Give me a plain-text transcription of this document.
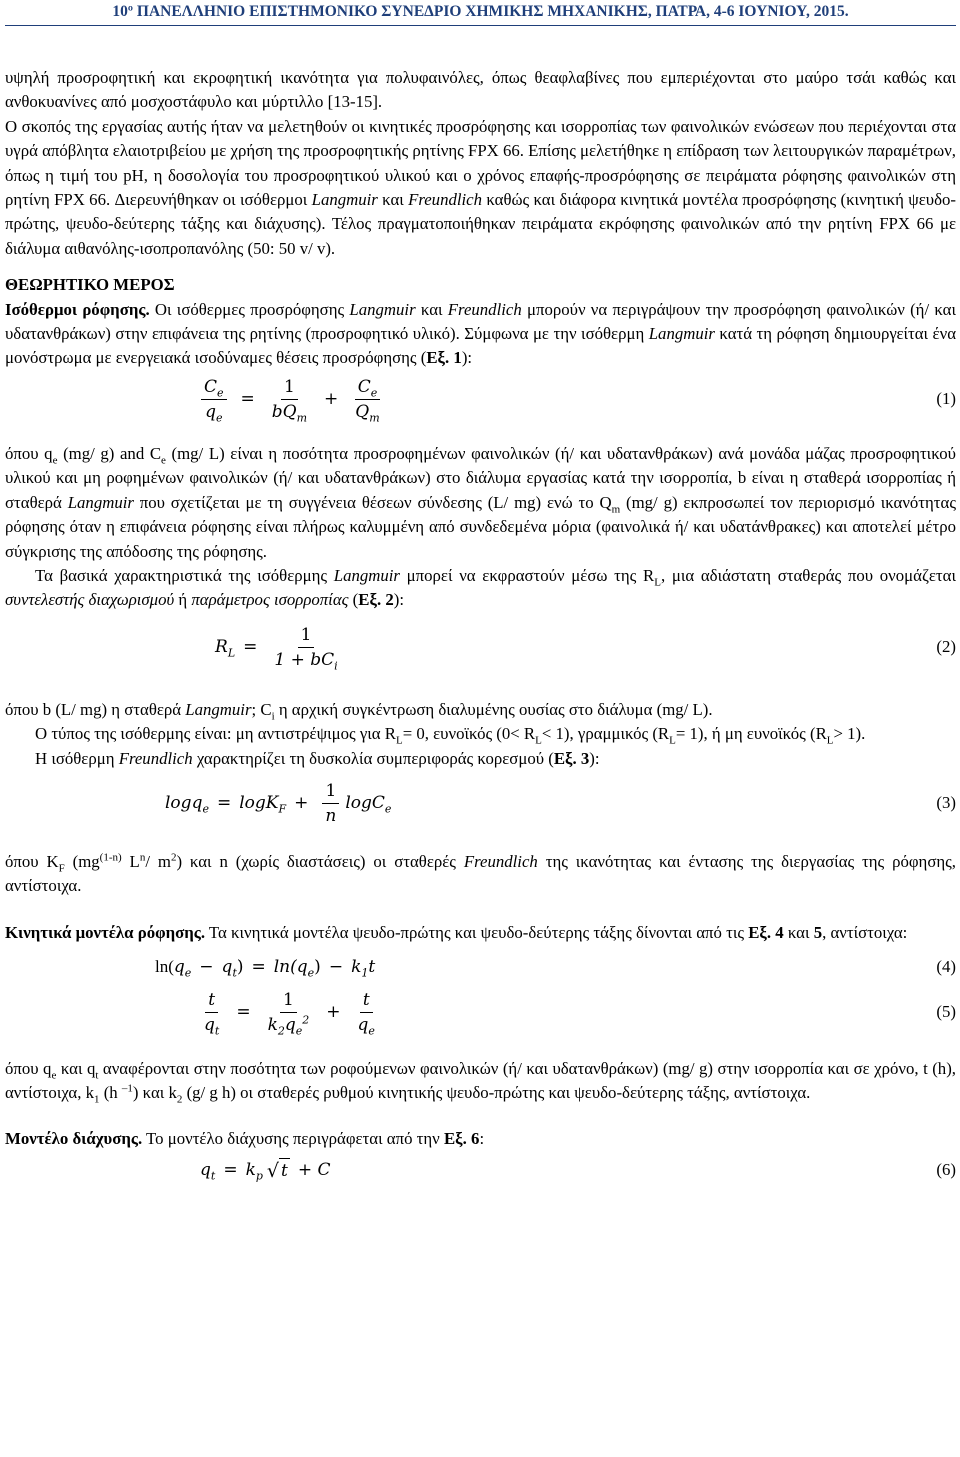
10º ΠΑΝΕΛΛΗΝΙΟ ΕΠΙΣΤΗΜΟΝΙΚΟ ΣΥΝΕΔΡΙΟ ΧΗΜΙΚΗΣ ΜΗΧΑΝΙΚΗΣ, ΠΑΤΡΑ, 4-6 ΙΟΥΝΙΟΥ, 2015.

υψηλή προσροφητική και εκροφητική ικανότητα για πολυφαινόλες, όπως θεαφλαβίνες που εμπεριέχονται στο μαύρο τσάι καθώς και ανθοκυανίνες από μοσχοστάφυλο και μύρτιλλο [13-15].

Ο σκοπός της εργασίας αυτής ήταν να μελετηθούν οι κινητικές προσρόφησης και ισορροπίας των φαινολικών ενώσεων που περιέχονται στα υγρά απόβλητα ελαιοτριβείου με χρήση της προσροφητικής ρητίνης FPX 66. Επίσης μελετήθηκε η επίδραση των λειτουργικών παραμέτρων, όπως η τιμή του pH, η δοσολογία του προσροφητικού υλικού και ο χρόνος επαφής-προσρόφησης σε πειράματα ρόφησης φαινολικών στη ρητίνη FPX 66. Διερευνήθηκαν οι ισόθερμοι Langmuir και Freundlich καθώς και διάφορα κινητικά μοντέλα προσρόφησης (κινητική ψευδο-πρώτης, ψευδο-δεύτερης τάξης και διάχυσης). Τέλος πραγματοποιήθηκαν πειράματα εκρόφησης φαινολικών από την ρητίνη FPX 66 με διάλυμα αιθανόλης-ισοπροπανόλης (50: 50 v/ v).

ΘΕΩΡΗΤΙΚΟ ΜΕΡΟΣ

Ισόθερμοι ρόφησης. Οι ισόθερμες προσρόφησης Langmuir και Freundlich μπορούν να περιγράψουν την προσρόφηση φαινολικών (ή/ και υδατανθράκων) στην επιφάνεια της ρητίνης (προσροφητικό υλικό). Σύμφωνα με την ισόθερμη Langmuir κατά τη ρόφηση δημιουργείται ένα μονόστρωμα με ενεργειακά ισοδύναμες θέσεις προσρόφησης (Εξ. 1):

$\frac{C_e}{q_e} = \frac{1}{bQ_m} + \frac{C_e}{Q_m}$	(1)

όπου $q_e$ (mg/ g) and $C_e$ (mg/ L) είναι η ποσότητα προσροφημένων φαινολικών (ή/ και υδατανθράκων) ανά μονάδα μάζας προσροφητικού υλικού και μη ροφημένων φαινολικών (ή/ και υδατανθράκων) στο διάλυμα εργασίας κατά την ισορροπία, b είναι η σταθερά ισορροπίας ή σταθερά Langmuir που σχετίζεται με τη συγγένεια θέσεων σύνδεσης (L/ mg) ενώ το $Q_m$ (mg/ g) εκπροσωπεί τον περιορισμό ικανότητας ρόφησης όταν η επιφάνεια ρόφησης είναι πλήρως καλυμμένη από συνδεδεμένα μόρια (φαινολικά ή/ και υδατάνθρακες) και αποτελεί μέτρο σύγκρισης της απόδοσης της ρόφησης.

Τα βασικά χαρακτηριστικά της ισόθερμης Langmuir μπορεί να εκφραστούν μέσω της $R_L$, μια αδιάστατη σταθεράς που ονομάζεται συντελεστής διαχωρισμού ή παράμετρος ισορροπίας (Εξ. 2):

$R_L = \frac{1}{1 + bC_i}$	(2)

όπου b (L/ mg) η σταθερά Langmuir; $C_i$ η αρχική συγκέντρωση διαλυμένης ουσίας στο διάλυμα (mg/ L).

Ο τύπος της ισόθερμης είναι: μη αντιστρέψιμος για $R_L= 0$, ευνοϊκός $(0< R_L< 1)$, γραμμικός $(R_L= 1)$, ή μη ευνοϊκός $(R_L> 1)$.

Η ισόθερμη Freundlich χαρακτηρίζει τη δυσκολία συμπεριφοράς κορεσμού (Εξ. 3):

$\log q_e = \log K_F + \frac{1}{n} \log C_e$	(3)

όπου $K_F$ ($mg^{(1-n)}$ $L^n/$ $m^2$) και n (χωρίς διαστάσεις) οι σταθερές Freundlich της ικανότητας και έντασης της διεργασίας της ρόφησης, αντίστοιχα.

Κινητικά μοντέλα ρόφησης. Τα κινητικά μοντέλα ψευδο-πρώτης και ψευδο-δεύτερης τάξης δίνονται από τις Εξ. 4 και 5, αντίστοιχα:

ln( $q_e - q_t) = \ln(q_e) - k_1t$	(4)
$\frac{t}{q_t} = \frac{1}{k_2q_e^2} + \frac{t}{q_e}$	(5)

όπου $q_e$ και $q_t$ αναφέρονται στην ποσότητα των ροφούμενων φαινολικών (ή/ και υδατανθράκων) (mg/ g) στην ισορροπία και σε χρόνο, t (h), αντίστοιχα, $k_1$ (h $^{-1}$) και $k_2$ (g/ g h) οι σταθερές ρυθμού κινητικής ψευδο-πρώτης και ψευδο-δεύτερης τάξης, αντίστοιχα.

Μοντέλο διάχυσης. Το μοντέλο διάχυσης περιγράφεται από την Εξ. 6:

$q_t = k_p$ √ t + C	(6)
